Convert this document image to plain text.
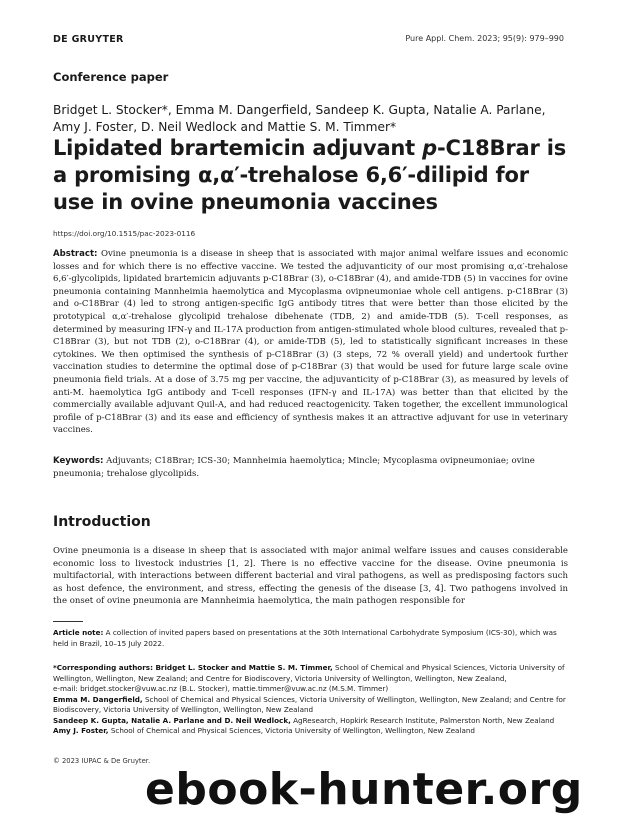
DE GRUYTER	Pure Appl. Chem. 2023; 95(9): 979–990
Conference paper
Bridget L. Stocker*, Emma M. Dangerfield, Sandeep K. Gupta, Natalie A. Parlane,
Amy J. Foster, D. Neil Wedlock and Mattie S. M. Timmer*
Lipidated brartemicin adjuvant p-C18Brar is a promising α,α′-trehalose 6,6′-dilipid for use in ovine pneumonia vaccines
https://doi.org/10.1515/pac-2023-0116
Abstract: Ovine pneumonia is a disease in sheep that is associated with major animal welfare issues and economic losses and for which there is no effective vaccine. We tested the adjuvanticity of our most promising α,α′-trehalose 6,6′-glycolipids, lipidated brartemicin adjuvants p-C18Brar (3), o-C18Brar (4), and amide-TDB (5) in vaccines for ovine pneumonia containing Mannheimia haemolytica and Mycoplasma ovipneumoniae whole cell antigens. p-C18Brar (3) and o-C18Brar (4) led to strong antigen-specific IgG antibody titres that were better than those elicited by the prototypical α,α′-trehalose glycolipid trehalose dibehenate (TDB, 2) and amide-TDB (5). T-cell responses, as determined by measuring IFN-γ and IL-17A production from antigen-stimulated whole blood cultures, revealed that p-C18Brar (3), but not TDB (2), o-C18Brar (4), or amide-TDB (5), led to statistically significant increases in these cytokines. We then optimised the synthesis of p-C18Brar (3) (3 steps, 72 % overall yield) and undertook further vaccination studies to determine the optimal dose of p-C18Brar (3) that would be used for future large scale ovine pneumonia field trials. At a dose of 3.75 mg per vaccine, the adjuvanticity of p-C18Brar (3), as measured by levels of anti-M. haemolytica IgG antibody and T-cell responses (IFN-γ and IL-17A) was better than that elicited by the commercially available adjuvant Quil-A, and had reduced reactogenicity. Taken together, the excellent immunological profile of p-C18Brar (3) and its ease and efficiency of synthesis makes it an attractive adjuvant for use in veterinary vaccines.
Keywords: Adjuvants; C18Brar; ICS-30; Mannheimia haemolytica; Mincle; Mycoplasma ovipneumoniae; ovine pneumonia; trehalose glycolipids.
Introduction
Ovine pneumonia is a disease in sheep that is associated with major animal welfare issues and causes considerable economic loss to livestock industries [1, 2]. There is no effective vaccine for the disease. Ovine pneumonia is multifactorial, with interactions between different bacterial and viral pathogens, as well as predisposing factors such as host defence, the environment, and stress, effecting the genesis of the disease [3, 4]. Two pathogens involved in the onset of ovine pneumonia are Mannheimia haemolytica, the main pathogen responsible for
Article note: A collection of invited papers based on presentations at the 30th International Carbohydrate Symposium (ICS-30), which was held in Brazil, 10–15 July 2022.
*Corresponding authors: Bridget L. Stocker and Mattie S. M. Timmer, School of Chemical and Physical Sciences, Victoria University of Wellington, Wellington, New Zealand; and Centre for Biodiscovery, Victoria University of Wellington, Wellington, New Zealand,
e-mail: bridget.stocker@vuw.ac.nz (B.L. Stocker), mattie.timmer@vuw.ac.nz (M.S.M. Timmer)
Emma M. Dangerfield, School of Chemical and Physical Sciences, Victoria University of Wellington, Wellington, New Zealand; and Centre for Biodiscovery, Victoria University of Wellington, Wellington, New Zealand
Sandeep K. Gupta, Natalie A. Parlane and D. Neil Wedlock, AgResearch, Hopkirk Research Institute, Palmerston North, New Zealand
Amy J. Foster, School of Chemical and Physical Sciences, Victoria University of Wellington, Wellington, New Zealand
© 2023 IUPAC & De Gruyter.
ebook-hunter.org
